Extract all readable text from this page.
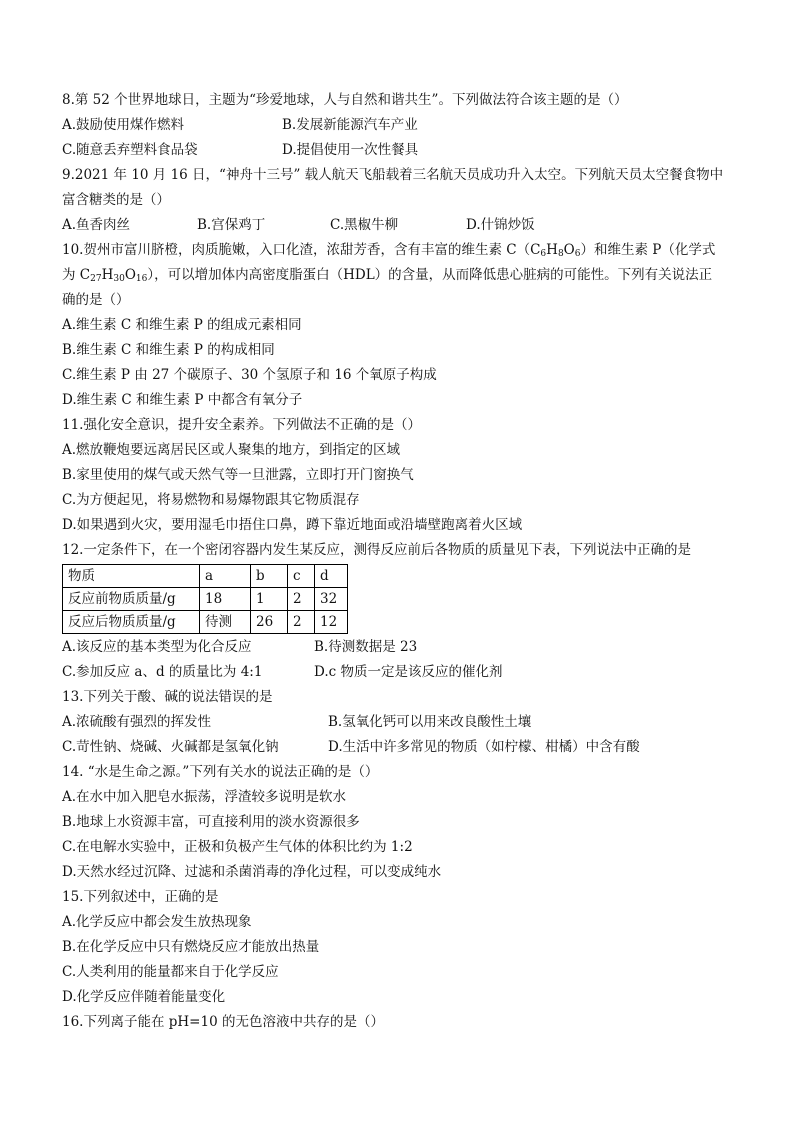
8.第 52 个世界地球日，主题为“珍爱地球，人与自然和谐共生”。下列做法符合该主题的是（）
A.鼓励使用煤作燃料	B.发展新能源汽车产业
C.随意丢弃塑料食品袋	D.提倡使用一次性餐具
9.2021 年 10 月 16 日，“神舟十三号” 载人航天飞船载着三名航天员成功升入太空。下列航天员太空餐食物中
富含糖类的是（）
A.鱼香肉丝	B.宫保鸡丁	C.黑椒牛柳	D.什锦炒饭
10.贺州市富川脐橙，肉质脆嫩，入口化渣，浓甜芳香，含有丰富的维生素 $C(C_6H_8O_6)$和维生素 P（化学式
为 $C_{27}H_{30}O_{16}$），可以增加体内高密度脂蛋白（HDL）的含量，从而降低患心脏病的可能性。下列有关说法正
确的是（）
A.维生素 C 和维生素 P 的组成元素相同
B.维生素 C 和维生素 P 的构成相同
C.维生素 P 由 27 个碳原子、30 个氢原子和 16 个氧原子构成
D.维生素 C 和维生素 P 中都含有氧分子
11.强化安全意识，提升安全素养。下列做法不正确的是（）
A.燃放鞭炮要远离居民区或人聚集的地方，到指定的区域
B.家里使用的煤气或天然气等一旦泄露，立即打开门窗换气
C.为方便起见，将易燃物和易爆物跟其它物质混存
D.如果遇到火灾，要用湿毛巾捂住口鼻，蹲下靠近地面或沿墙壁跑离着火区域
12.一定条件下，在一个密闭容器内发生某反应，测得反应前后各物质的质量见下表，下列说法中正确的是
物质	a	b	c	d
反应前物质质量/g	18	1	2	32
反应后物质质量/g	待测	26	2	12
A.该反应的基本类型为化合反应	B.待测数据是 23
C.参加反应 a、d 的质量比为 4:1	D.c 物质一定是该反应的催化剂
13.下列关于酸、碱的说法错误的是
A.浓硫酸有强烈的挥发性	B.氢氧化钙可以用来改良酸性土壤
C.苛性钠、烧碱、火碱都是氢氧化钠	D.生活中许多常见的物质（如柠檬、柑橘）中含有酸
14. “水是生命之源。”下列有关水的说法正确的是（）
A.在水中加入肥皂水振荡，浮渣较多说明是软水
B.地球上水资源丰富，可直接利用的淡水资源很多
C.在电解水实验中，正极和负极产生气体的体积比约为 1:2
D.天然水经过沉降、过滤和杀菌消毒的净化过程，可以变成纯水
15.下列叙述中，正确的是
A.化学反应中都会发生放热现象
B.在化学反应中只有燃烧反应才能放出热量
C.人类利用的能量都来自于化学反应
D.化学反应伴随着能量变化
16.下列离子能在 pH=10 的无色溶液中共存的是（）
